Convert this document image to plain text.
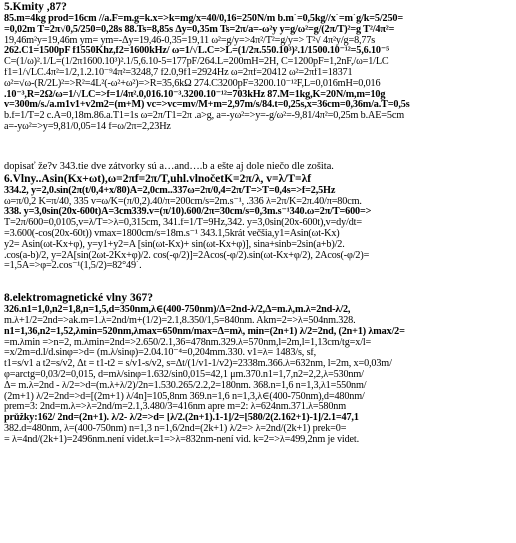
5.Kmity ,87?
85.m=4kg prod=16cm //a.F=m.g=k.x=>k=mg/x=40/0,16=250N/m b.m´=0,5kg//x´=m´g/k=5/250=
=0,02m T=2π√0,5/250=0,28s 88.Ts=8,85s Δy=0,35m Ts=2π/a=-ω²y y=g/ω²=g/(2π/T)²=g T²/4π²=
19,46m²y=19,46m ym= ym=-Δy=19,46-0,35=19,11 ω²=g/y=>4π²/T²=g/y=> T²√ 4π²y/g=8,77s
262.C1=1500pF f1550Khz,f2=1600kHz/ ω=1/√L.C=>L=(1/2π.550.10³)².1/1500.10⁻¹²=5,6.10⁻⁵
C=(1/ω)².1/L=(1/2π1600.10³)².1/5,6.10-5=177pF/264.L=200mH=2H, C=1200pF=1,2nF,/ω=1/LC
f1=1/√LC.4π²=1/2,1.2.10⁻⁹4π²=3248,7 f2.0,9f1=2924Hz ω=2πf=20412 ω²=2πf1=18371
ω²=√ω-(R/2L)²=>R²=4L²(-ω²+ω²)=>R=35,6kΩ 274.C3200pF=3200.10⁻¹²F,L=0,016mH=0,016
.10⁻³,R=2Ω/ω=1/√LC=>f=1/4π².0,016.10⁻³.3200.10⁻¹²=703kHz 87.M=1kg,K=20N/m,m=10g
v=300m/s./a.m1v1+v2m2=(m+M) vc=>vc=mv/M+m=2,97m/s/84.t=0,25s,x=36cm=0,36m/a.T=0,5s
b.f=1/T=2 c.A=0,18m.86.a.T1=1s ω=2π/T1=2π .a>g, a=-yω²=>y=-g/ω²=-9,81/4π²=0,25m b.AE=5cm
a=-yω²=>y=9,81/0,05=14 f=ω/2π=2,23Hz
dopisať že?v 343.tie dve zátvorky sú a…and….b a ešte aj dole niečo dle zošita.
6.Vlny..Asin(Kx+ωt),ω=2πf=2π/T,uhl.vlnočetK=2π/λ, v=λ/T=λf
334.2, y=2,0.sin(2π(t/0,4+x/80)A=2,0cm..337ω=2π/0,4=2π/T=>T=0,4s=>f=2,5Hz
ω=π/0,2 K=π/40, 335 v=ω/K=(π/0,2).40/π=200cm/s=2m.s⁻¹, .336 λ=2π/K=2π.40/π=80cm.
338. y=3,0sin(20x-600t)A=3cm339.v=(π/10).600/2π=30cm/s=0,3m.s⁻¹340.ω=2π/T=600=>
T=2π/600=0,0105,v=λ/T=>λ=0,315cm, 341.f=1/T=9Hz,342. y=3,0sin(20x-600t),v=dy/dt=
=3.600(-cos(20x-60t)) vmax=1800cm/s=18m.s⁻¹ 343.1,5krát večšia,y1=Asin(ωt-Kx)
y2= Asin(ωt-Kx+φ), y=y1+y2=A [sin(ωt-Kx)+ sin(ωt-Kx+φ)], sina+sinb=2sin(a+b)/2.
.cos(a-b)/2, y=2A[sin(2ωt-2Kx+φ)/2. cos(-φ/2)]=2Acos(-φ/2).sin(ωt-Kx+φ/2), 2Acos(-φ/2)=
=1,5A=>φ=2.cos⁻¹(1,5/2)=82°49´.
8.elektromagnetické vlny 367?
326.n1=1,0,n2=1,8,n=1,5,d=350nm,λ∈(400-750nm)/Δ=2nd-λ/2,Δ=m.λ,m.λ=2nd-λ/2,
m.λ+1/2=2nd=>ak.m=1.λ=2nd/m+(1/2)=2.1,8.350/1,5=840nm. Akm=2=>λ=504nm.328.
n1=1,36,n2=1,52,λmin=520nm,λmax=650nm/max=Δ=mλ, min=(2n+1) λ/2=2nd, (2n+1) λmax/2=
=m.λmin =>n=2, m.λmin=2nd=>2.650/2.1,36=478nm.329.λ=570nm,l=2m,l=1,13cm/tg=x/l=
=x/2m=d.l/d.sinφ=>d= (m.λ/sinφ)=2.04.10⁻⁴=0,204mm.330. v1=λ= 1483/s, sf,
t1=s/v1 a t2=s/v2, Δt = t1-t2 = s/v1-s/v2, s=Δt/(1/v1-1/v2)=2338m.366.λ=632nm, l=2m, x=0,03m/
φ=arctg=0,03/2=0,015, d=mλ/sinφ=1.632/sin0,015=42,1 μm.370.n1=1,7,n2=2,2,λ=530nm/
Δ= m.λ=2nd - λ/2=>d=(m.λ+λ/2)/2n=1.530.265/2.2,2=180nm. 368.n=1,6 n=1,3,λ1=550nm/
(2m+1) λ/2=2nd=>d=[(2m+1) λ/4n]=105,8nm 369.n=1,6 n=1,3,λ∈(400-750nm),d=480nm/
prem=3: 2nd=m.λ=>λ=2nd/m=2.1,3.480/3=416nm apre m=2: λ=624nm.371.λ=580nm
průžky:162/ 2nd=(2n+1). λ/2- λ/2=>d= [λ/2.(2n+1).1-1]/2=[580/2(2.162+1)-1]/2.1=47,1
382.d=480nm, λ=(400-750nm) n=1,3 n=1,6/2nd=(2k+1) λ/2=> λ=2nd/(2k+1) prek=0=
= λ=4nd/(2k+1)=2496nm.není videt.k=1=>λ=832nm-není vid. k=2=>λ=499,2nm je videt.
